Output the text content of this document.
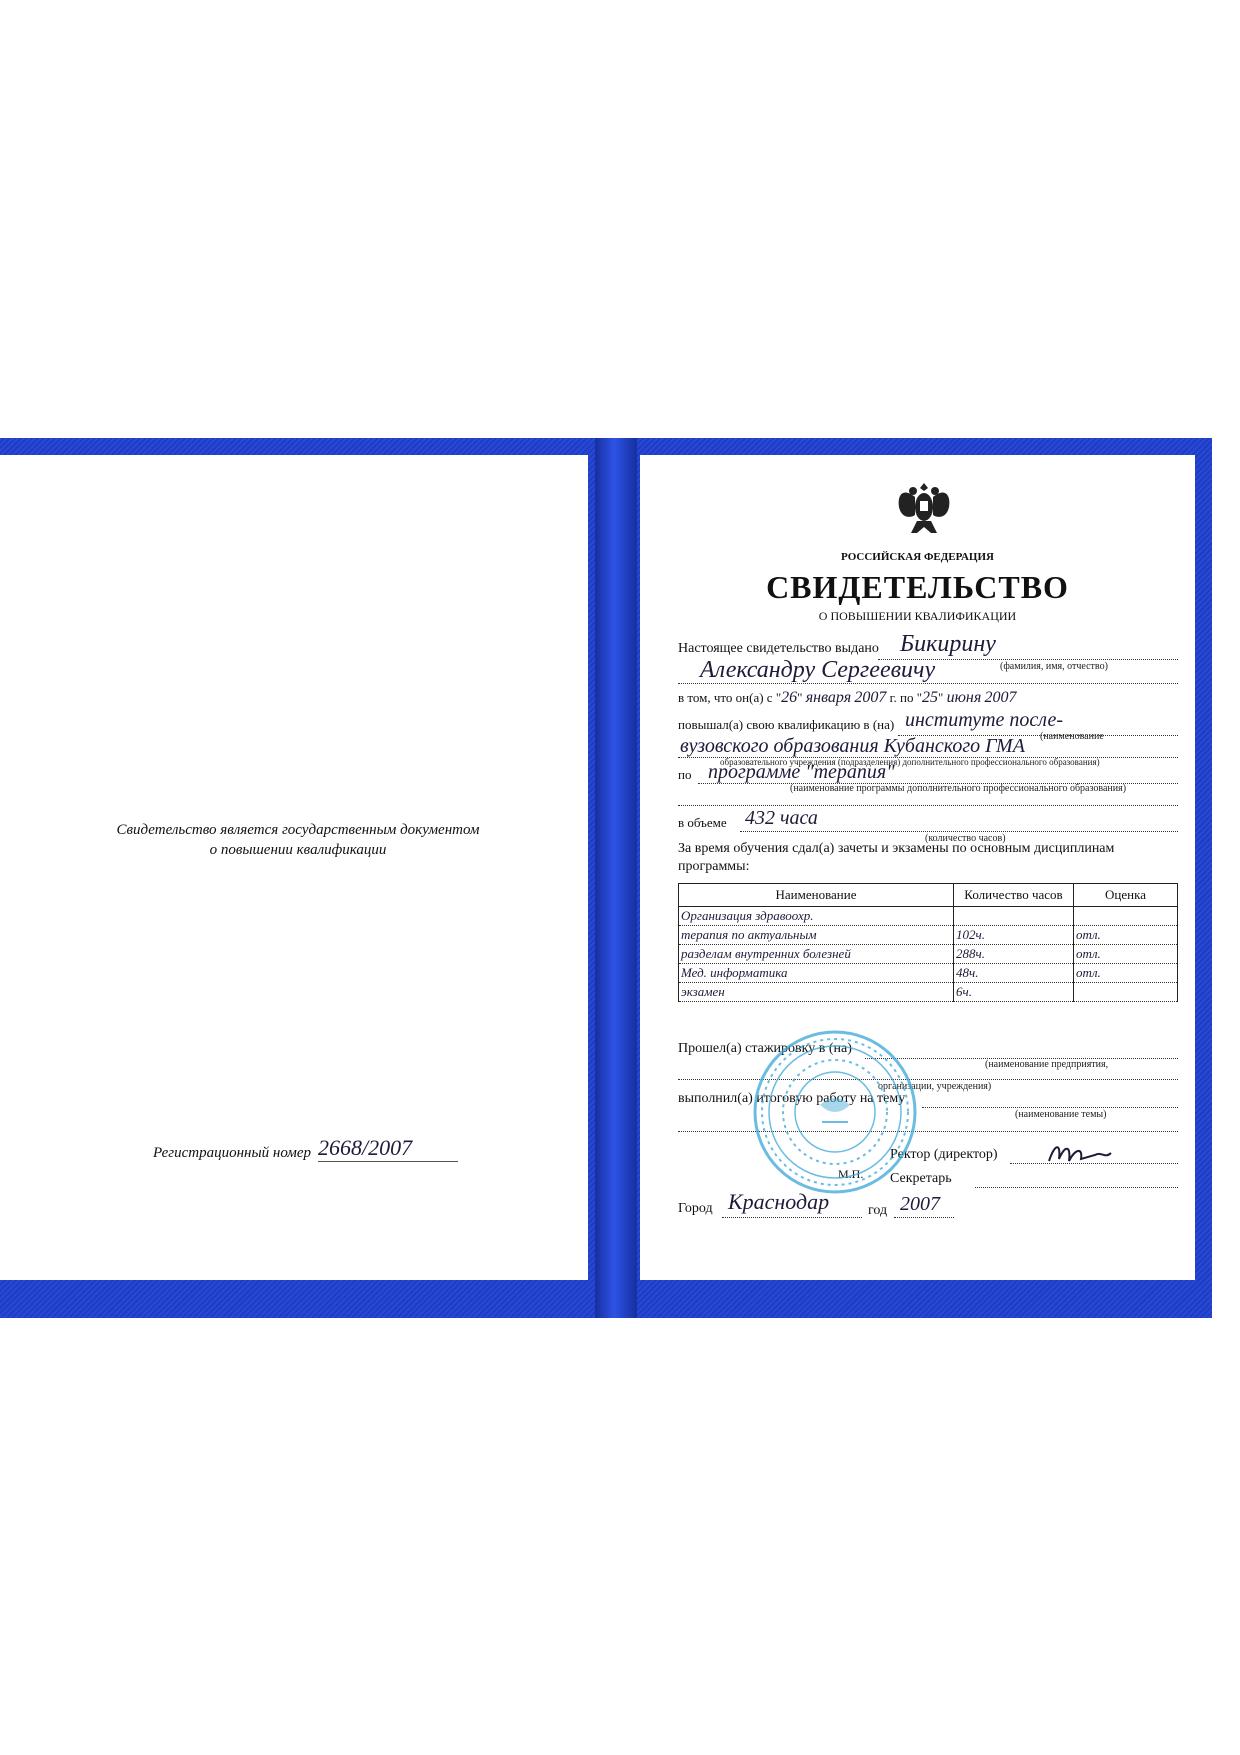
Свидетельство является государственным документом
о повышении квалификации
Регистрационный номер 2668/2007
РОССИЙСКАЯ ФЕДЕРАЦИЯ
СВИДЕТЕЛЬСТВО
О ПОВЫШЕНИИ КВАЛИФИКАЦИИ
Настоящее свидетельство выдано Бикирину
Александру Сергеевичу	(фамилия, имя, отчество)
в том, что он(а) с "26" января 2007 г. по "25" июня 2007
повышал(а) свою квалификацию в (на) институте после-
(наименование
вузовского образования Кубанского ГМА
образовательного учреждения (подразделения) дополнительного профессионального образования)
по программе "терапия"
(наименование программы дополнительного профессионального образования)
в объеме 432 часа
(количество часов)
За время обучения сдал(а) зачеты и экзамены по основным дисциплинам
программы:
Наименование	Количество часов	Оценка
Организация здравоохр.		
терапия по актуальным	102ч.	отл.
разделам внутренних болезней	288ч.	отл.
Мед. информатика	48ч.	отл.
экзамен	6ч.	
Прошел(а) стажировку в (на)
(наименование предприятия,
организации, учреждения)
выполнил(а) итоговую работу на тему
(наименование темы)
Ректор (директор)
М.П. Секретарь
Город Краснодар	год 2007
